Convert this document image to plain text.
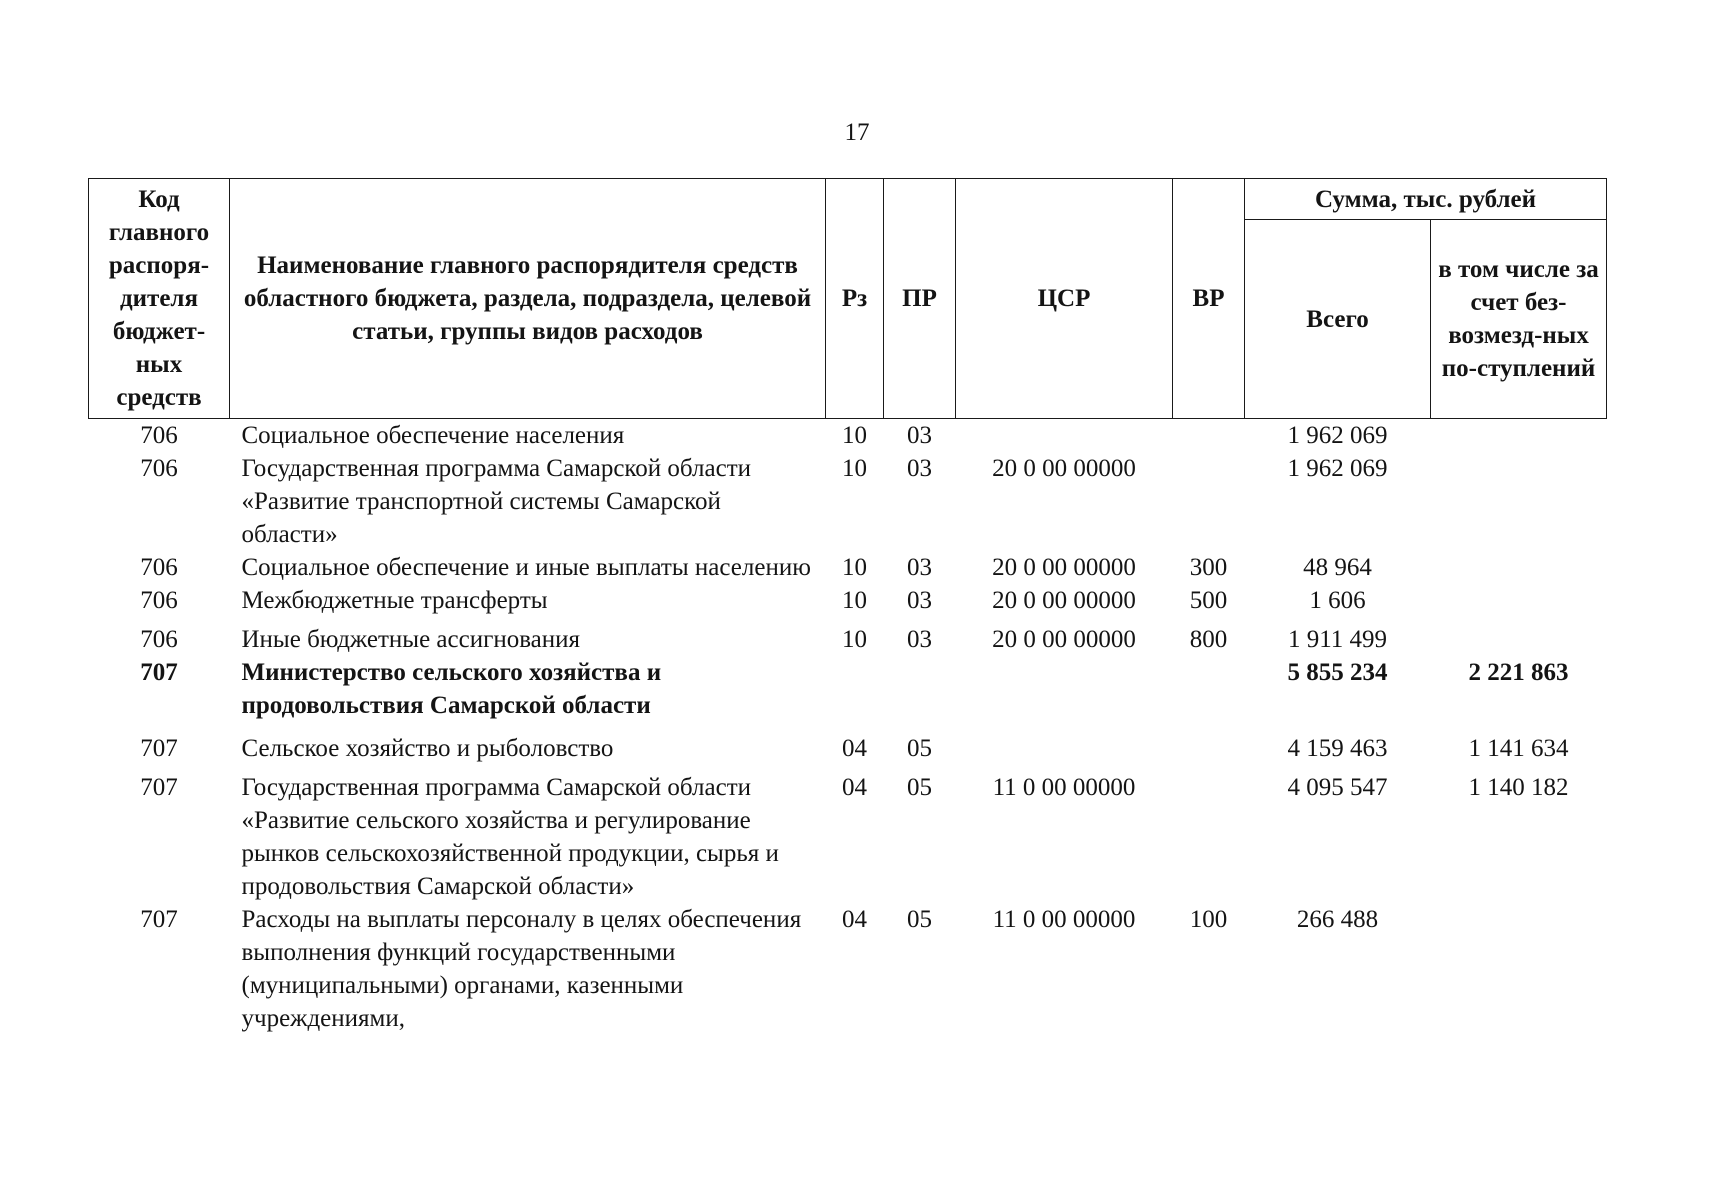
17
Код главного распоря-дителя бюджет-ных средств	Наименование главного распорядителя средств областного бюджета, раздела, подраздела, целевой статьи, группы видов расходов	Рз	ПР	ЦСР	ВР	Сумма, тыс. рублей	
						Всего	в том числе за счет без-возмезд-ных по-ступлений
706	Социальное обеспечение населения	10	03			1 962 069	
706	Государственная программа Самарской области «Развитие транспортной системы Самарской области»	10	03	20 0 00 00000		1 962 069	
706	Социальное обеспечение и иные выплаты населению	10	03	20 0 00 00000	300	48 964	
706	Межбюджетные трансферты	10	03	20 0 00 00000	500	1 606	
706	Иные бюджетные ассигнования	10	03	20 0 00 00000	800	1 911 499	
707	Министерство сельского хозяйства и продовольствия Самарской области					5 855 234	2 221 863
707	Сельское хозяйство и рыболовство	04	05			4 159 463	1 141 634
707	Государственная программа Самарской области «Развитие сельского хозяйства и регулирование рынков сельскохозяйственной продукции, сырья и продовольствия Самарской области»	04	05	11 0 00 00000		4 095 547	1 140 182
707	Расходы на выплаты персоналу в целях обеспечения выполнения функций государственными (муниципальными) органами, казенными учреждениями,	04	05	11 0 00 00000	100	266 488	
